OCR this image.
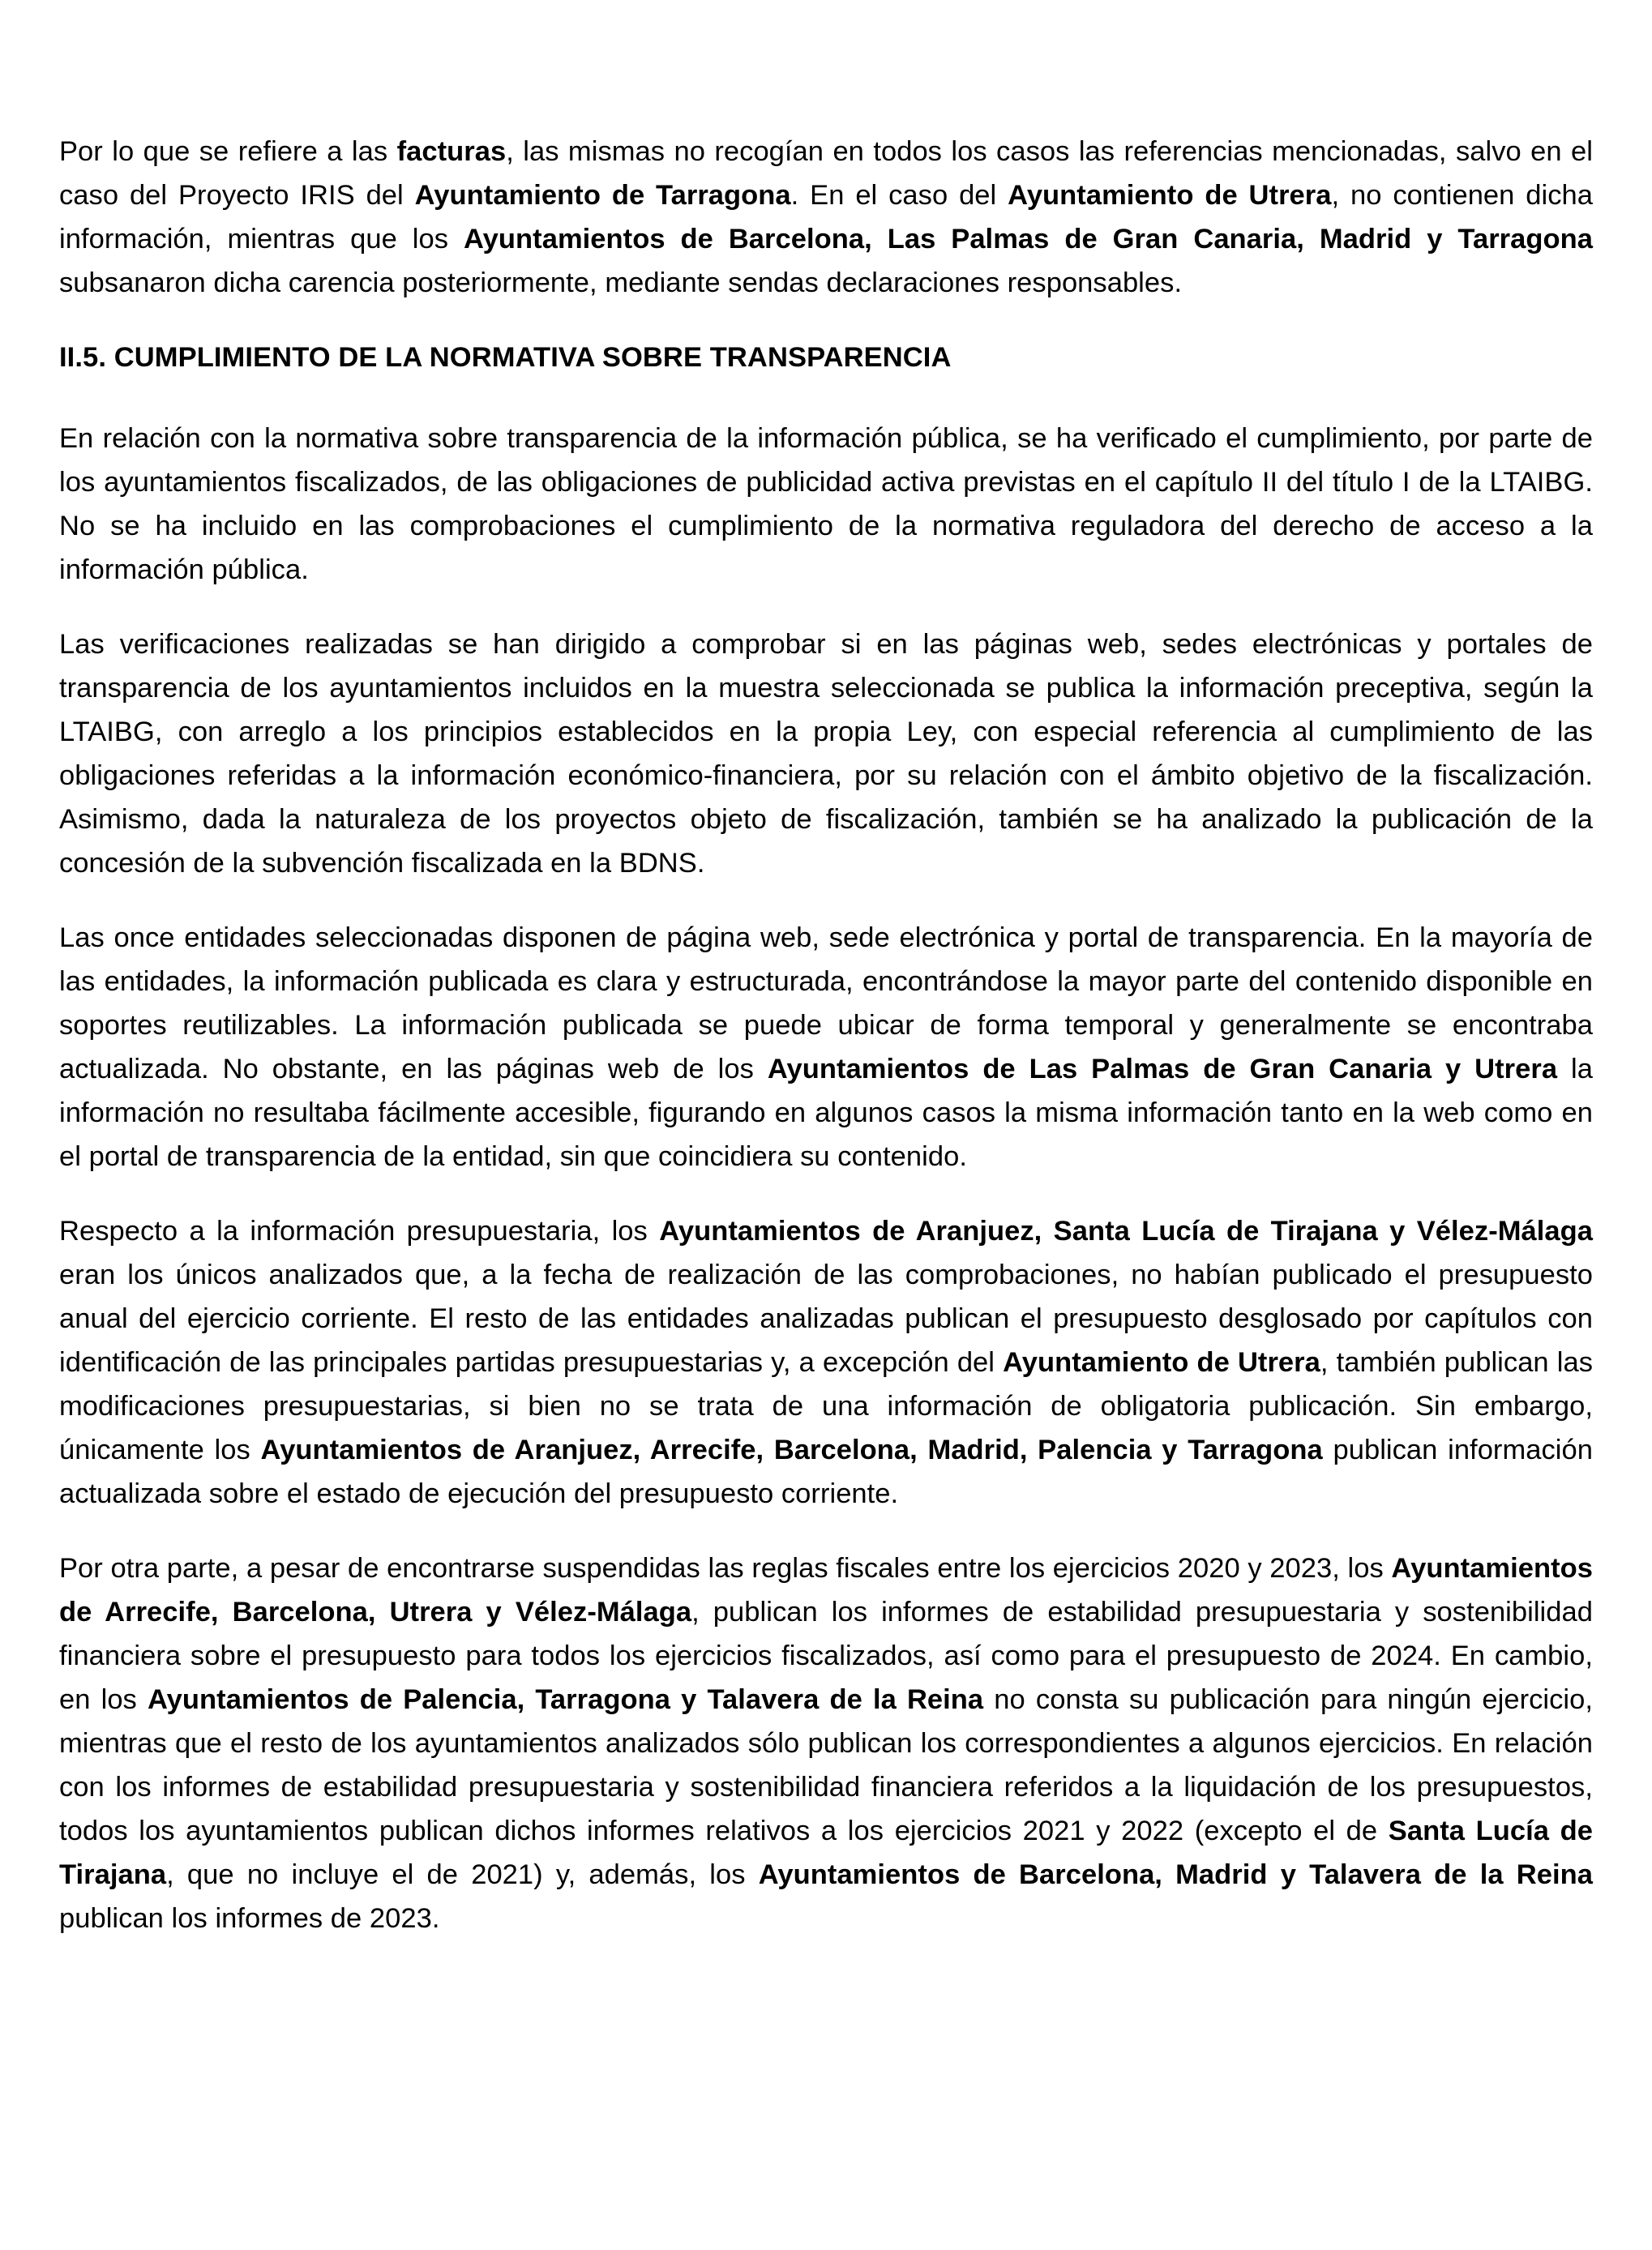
Por lo que se refiere a las facturas, las mismas no recogían en todos los casos las referencias mencionadas, salvo en el caso del Proyecto IRIS del Ayuntamiento de Tarragona. En el caso del Ayuntamiento de Utrera, no contienen dicha información, mientras que los Ayuntamientos de Barcelona, Las Palmas de Gran Canaria, Madrid y Tarragona subsanaron dicha carencia posteriormente, mediante sendas declaraciones responsables.

II.5. CUMPLIMIENTO DE LA NORMATIVA SOBRE TRANSPARENCIA

En relación con la normativa sobre transparencia de la información pública, se ha verificado el cumplimiento, por parte de los ayuntamientos fiscalizados, de las obligaciones de publicidad activa previstas en el capítulo II del título I de la LTAIBG. No se ha incluido en las comprobaciones el cumplimiento de la normativa reguladora del derecho de acceso a la información pública.

Las verificaciones realizadas se han dirigido a comprobar si en las páginas web, sedes electrónicas y portales de transparencia de los ayuntamientos incluidos en la muestra seleccionada se publica la información preceptiva, según la LTAIBG, con arreglo a los principios establecidos en la propia Ley, con especial referencia al cumplimiento de las obligaciones referidas a la información económico-financiera, por su relación con el ámbito objetivo de la fiscalización. Asimismo, dada la naturaleza de los proyectos objeto de fiscalización, también se ha analizado la publicación de la concesión de la subvención fiscalizada en la BDNS.

Las once entidades seleccionadas disponen de página web, sede electrónica y portal de transparencia. En la mayoría de las entidades, la información publicada es clara y estructurada, encontrándose la mayor parte del contenido disponible en soportes reutilizables. La información publicada se puede ubicar de forma temporal y generalmente se encontraba actualizada. No obstante, en las páginas web de los Ayuntamientos de Las Palmas de Gran Canaria y Utrera la información no resultaba fácilmente accesible, figurando en algunos casos la misma información tanto en la web como en el portal de transparencia de la entidad, sin que coincidiera su contenido.

Respecto a la información presupuestaria, los Ayuntamientos de Aranjuez, Santa Lucía de Tirajana y Vélez-Málaga eran los únicos analizados que, a la fecha de realización de las comprobaciones, no habían publicado el presupuesto anual del ejercicio corriente. El resto de las entidades analizadas publican el presupuesto desglosado por capítulos con identificación de las principales partidas presupuestarias y, a excepción del Ayuntamiento de Utrera, también publican las modificaciones presupuestarias, si bien no se trata de una información de obligatoria publicación. Sin embargo, únicamente los Ayuntamientos de Aranjuez, Arrecife, Barcelona, Madrid, Palencia y Tarragona publican información actualizada sobre el estado de ejecución del presupuesto corriente.

Por otra parte, a pesar de encontrarse suspendidas las reglas fiscales entre los ejercicios 2020 y 2023, los Ayuntamientos de Arrecife, Barcelona, Utrera y Vélez-Málaga, publican los informes de estabilidad presupuestaria y sostenibilidad financiera sobre el presupuesto para todos los ejercicios fiscalizados, así como para el presupuesto de 2024. En cambio, en los Ayuntamientos de Palencia, Tarragona y Talavera de la Reina no consta su publicación para ningún ejercicio, mientras que el resto de los ayuntamientos analizados sólo publican los correspondientes a algunos ejercicios. En relación con los informes de estabilidad presupuestaria y sostenibilidad financiera referidos a la liquidación de los presupuestos, todos los ayuntamientos publican dichos informes relativos a los ejercicios 2021 y 2022 (excepto el de Santa Lucía de Tirajana, que no incluye el de 2021) y, además, los Ayuntamientos de Barcelona, Madrid y Talavera de la Reina publican los informes de 2023.
